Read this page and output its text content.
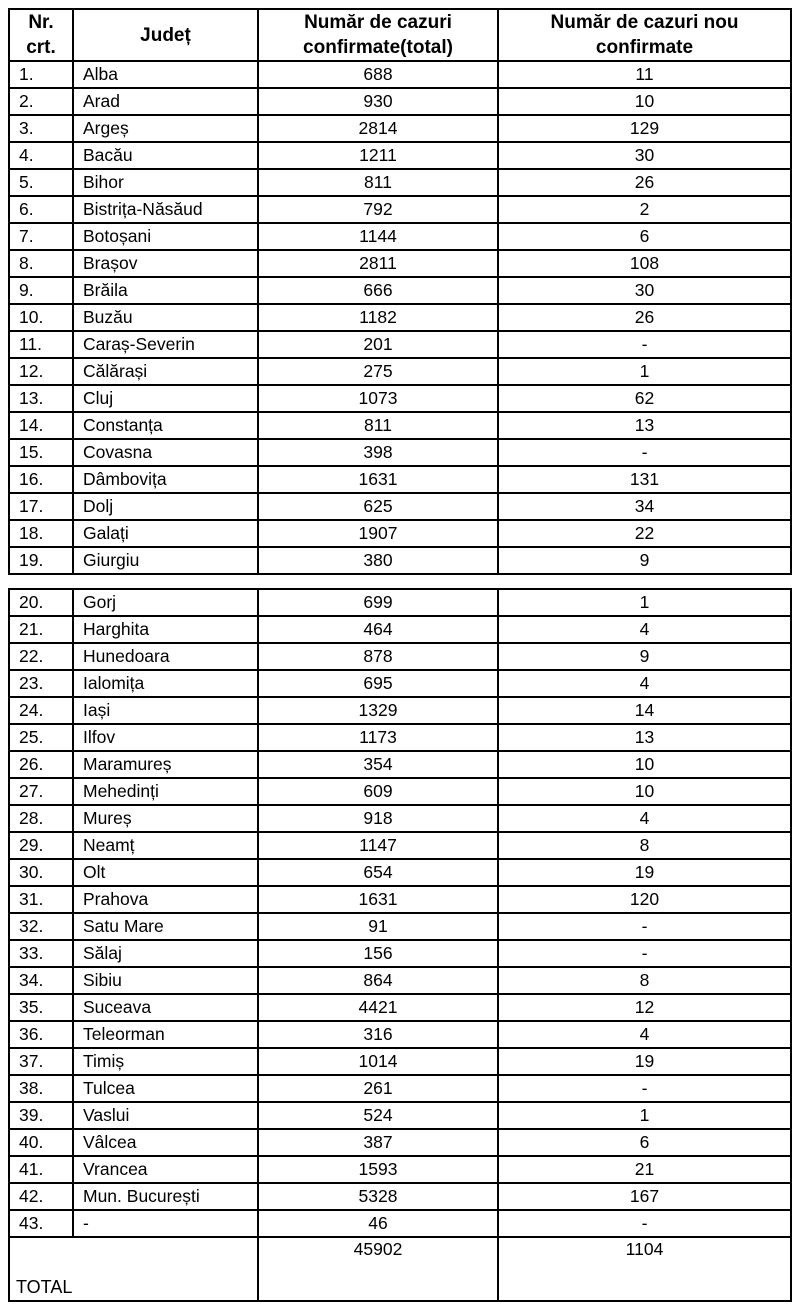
Nr. crt.	Județ	Număr de cazuri confirmate(total)	Număr de cazuri nou confirmate
1.	Alba	688	11
2.	Arad	930	10
3.	Argeș	2814	129
4.	Bacău	1211	30
5.	Bihor	811	26
6.	Bistrița-Năsăud	792	2
7.	Botoșani	1144	6
8.	Brașov	2811	108
9.	Brăila	666	30
10.	Buzău	1182	26
11.	Caraș-Severin	201	-
12.	Călărași	275	1
13.	Cluj	1073	62
14.	Constanța	811	13
15.	Covasna	398	-
16.	Dâmbovița	1631	131
17.	Dolj	625	34
18.	Galați	1907	22
19.	Giurgiu	380	9
20.	Gorj	699	1
21.	Harghita	464	4
22.	Hunedoara	878	9
23.	Ialomița	695	4
24.	Iași	1329	14
25.	Ilfov	1173	13
26.	Maramureș	354	10
27.	Mehedinți	609	10
28.	Mureș	918	4
29.	Neamț	1147	8
30.	Olt	654	19
31.	Prahova	1631	120
32.	Satu Mare	91	-
33.	Sălaj	156	-
34.	Sibiu	864	8
35.	Suceava	4421	12
36.	Teleorman	316	4
37.	Timiș	1014	19
38.	Tulcea	261	-
39.	Vaslui	524	1
40.	Vâlcea	387	6
41.	Vrancea	1593	21
42.	Mun. București	5328	167
43.	-	46	-
TOTAL		45902	1104
